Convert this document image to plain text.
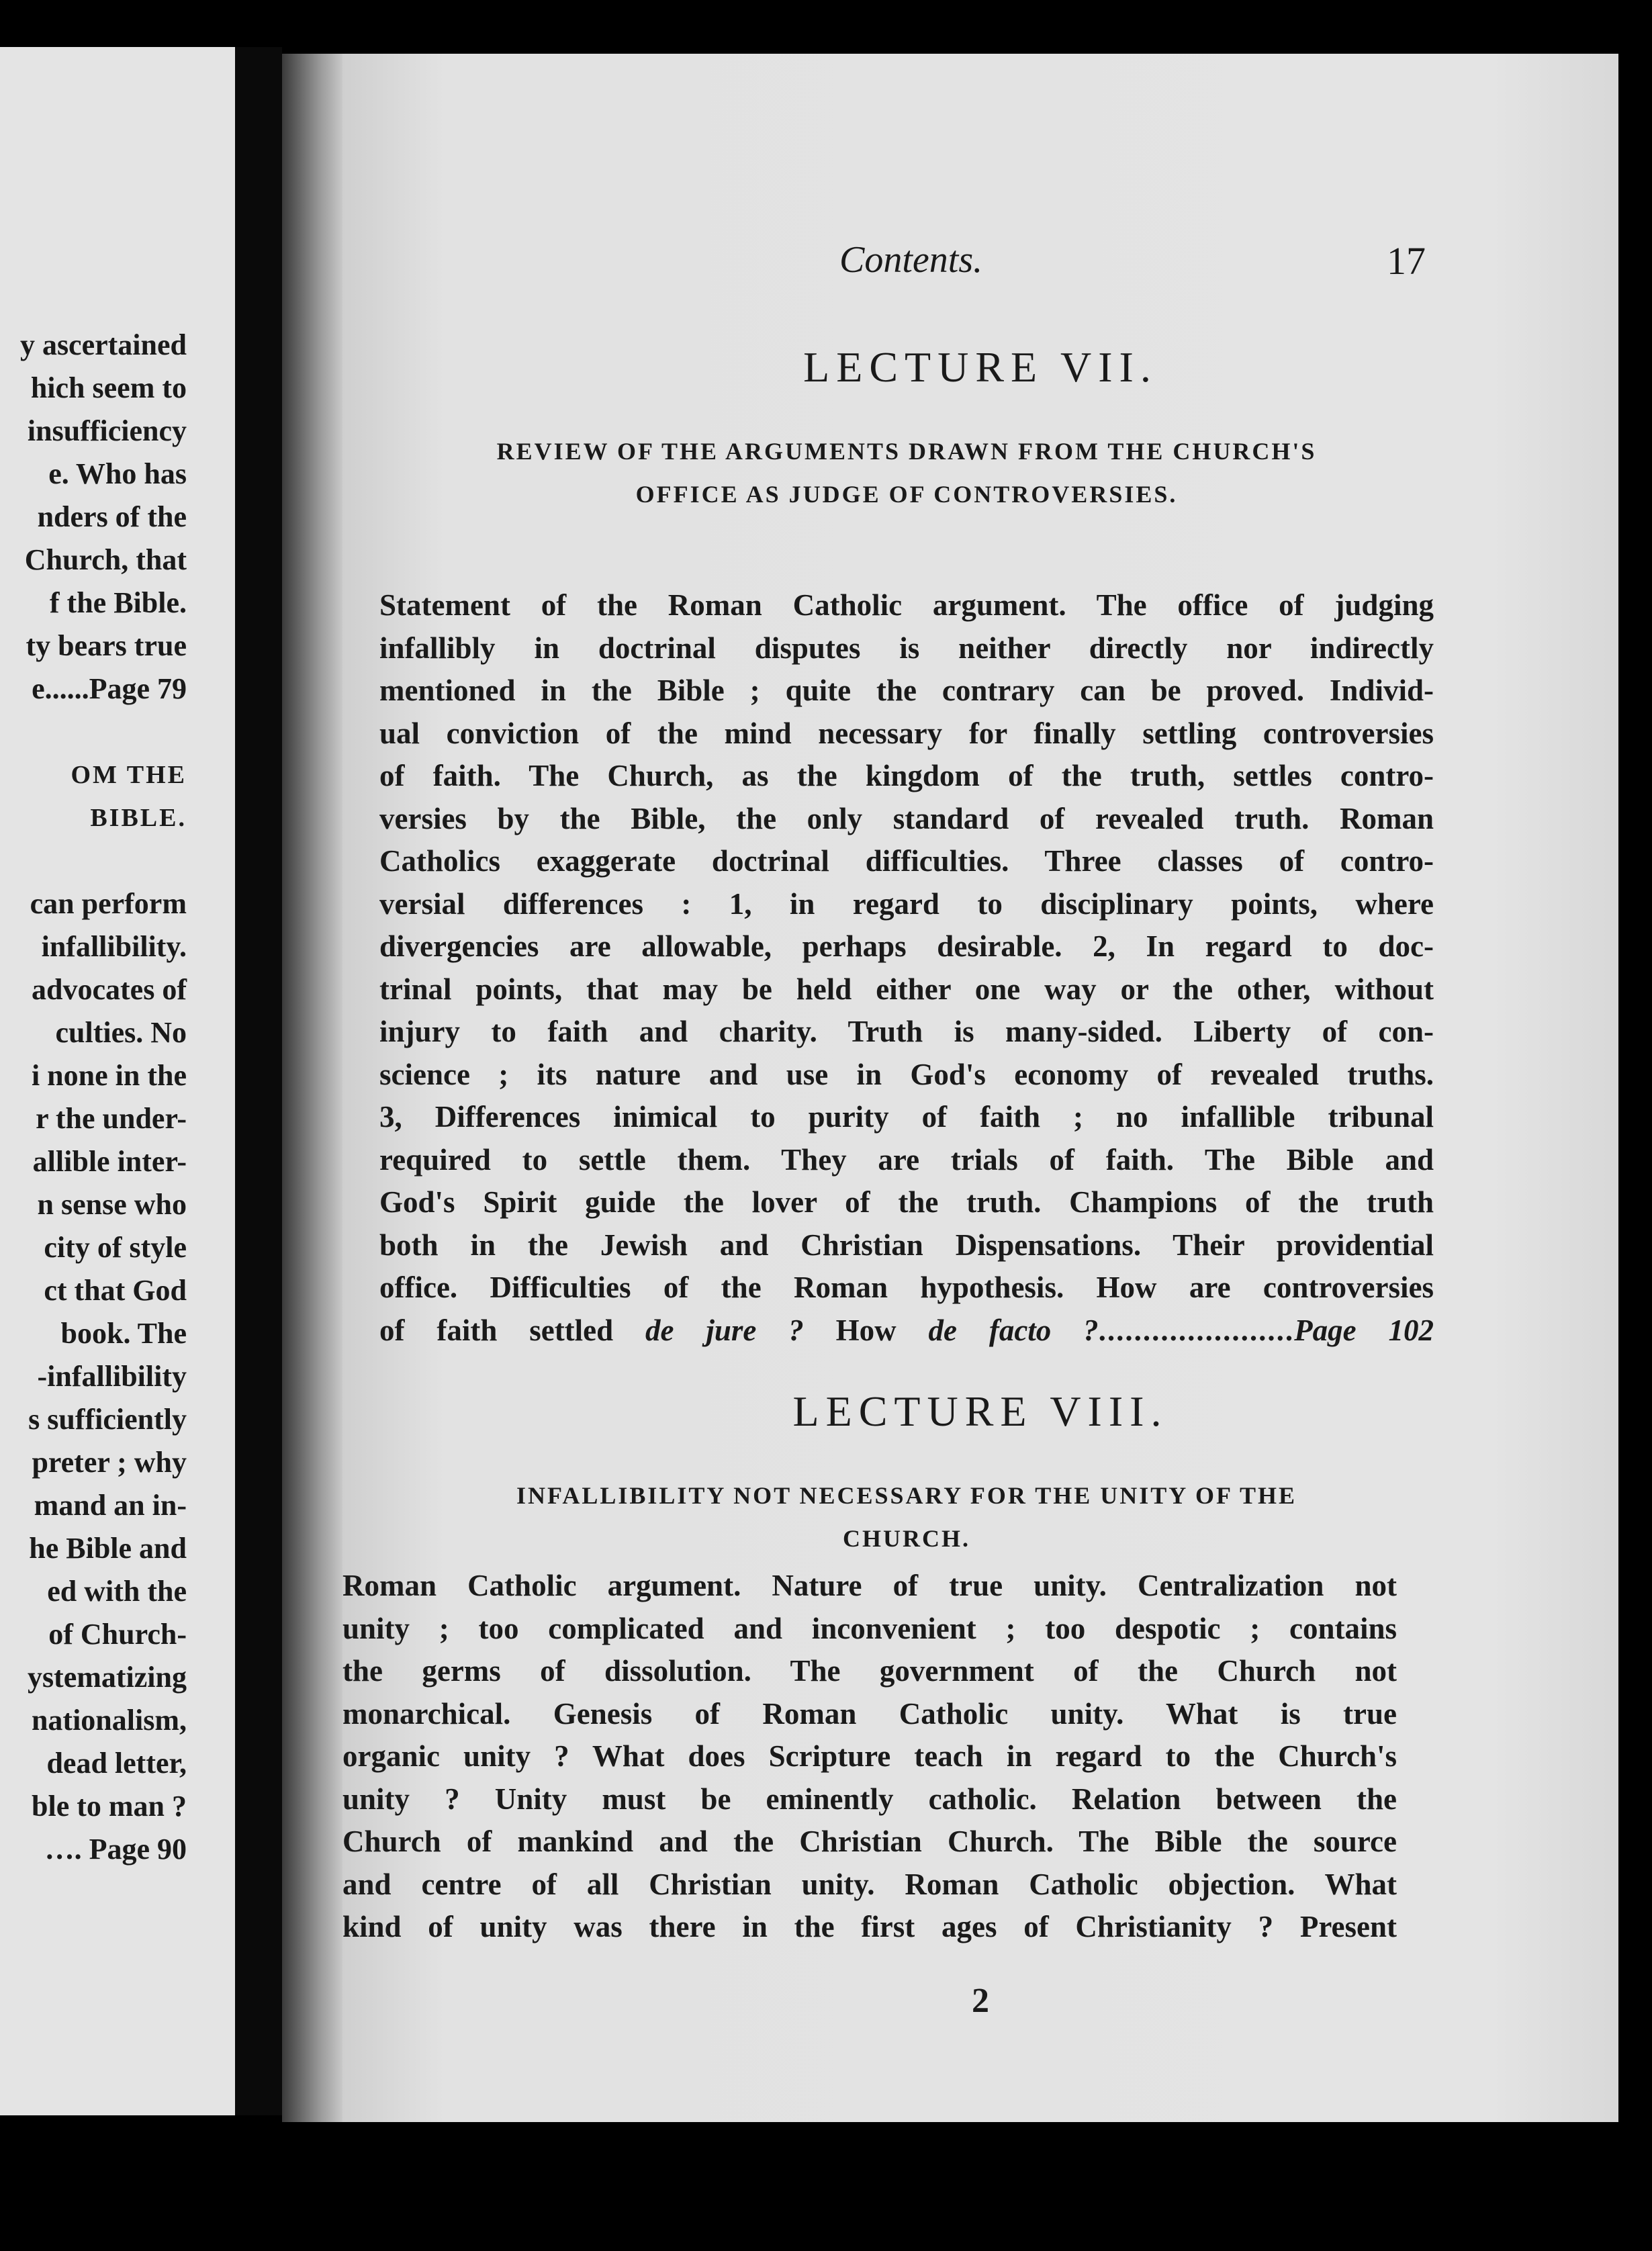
y ascertained
hich seem to
insufficiency
e. Who has
nders of the
Church, that
f the Bible.
ty bears true
e......Page 79
OM THE
BIBLE.
can perform
infallibility.
advocates of
culties. No
i none in the
r the under-
allible inter-
n sense who
city of style
ct that God
book. The
-infallibility
s sufficiently
preter ; why
mand an in-
he Bible and
ed with the
of Church-
ystematizing
nationalism,
dead letter,
ble to man ?
…. Page 90
Contents.	17
LECTURE VII.
REVIEW OF THE ARGUMENTS DRAWN FROM THE CHURCH'S
OFFICE AS JUDGE OF CONTROVERSIES.
Statement of the Roman Catholic argument. The office of judging
infallibly in doctrinal disputes is neither directly nor indirectly
mentioned in the Bible ; quite the contrary can be proved. Individ-
ual conviction of the mind necessary for finally settling controversies
of faith. The Church, as the kingdom of the truth, settles contro-
versies by the Bible, the only standard of revealed truth. Roman
Catholics exaggerate doctrinal difficulties. Three classes of contro-
versial differences : 1, in regard to disciplinary points, where
divergencies are allowable, perhaps desirable. 2, In regard to doc-
trinal points, that may be held either one way or the other, without
injury to faith and charity. Truth is many-sided. Liberty of con-
science ; its nature and use in God's economy of revealed truths.
3, Differences inimical to purity of faith ; no infallible tribunal
required to settle them. They are trials of faith. The Bible and
God's Spirit guide the lover of the truth. Champions of the truth
both in the Jewish and Christian Dispensations. Their providential
office. Difficulties of the Roman hypothesis. How are controversies
of faith settled de jure ? How de facto ?......................Page 102
LECTURE VIII.
INFALLIBILITY NOT NECESSARY FOR THE UNITY OF THE
CHURCH.
Roman Catholic argument. Nature of true unity. Centralization not
unity ; too complicated and inconvenient ; too despotic ; contains
the germs of dissolution. The government of the Church not
monarchical. Genesis of Roman Catholic unity. What is true
organic unity ? What does Scripture teach in regard to the Church's
unity ? Unity must be eminently catholic. Relation between the
Church of mankind and the Christian Church. The Bible the source
and centre of all Christian unity. Roman Catholic objection. What
kind of unity was there in the first ages of Christianity ? Present
2
